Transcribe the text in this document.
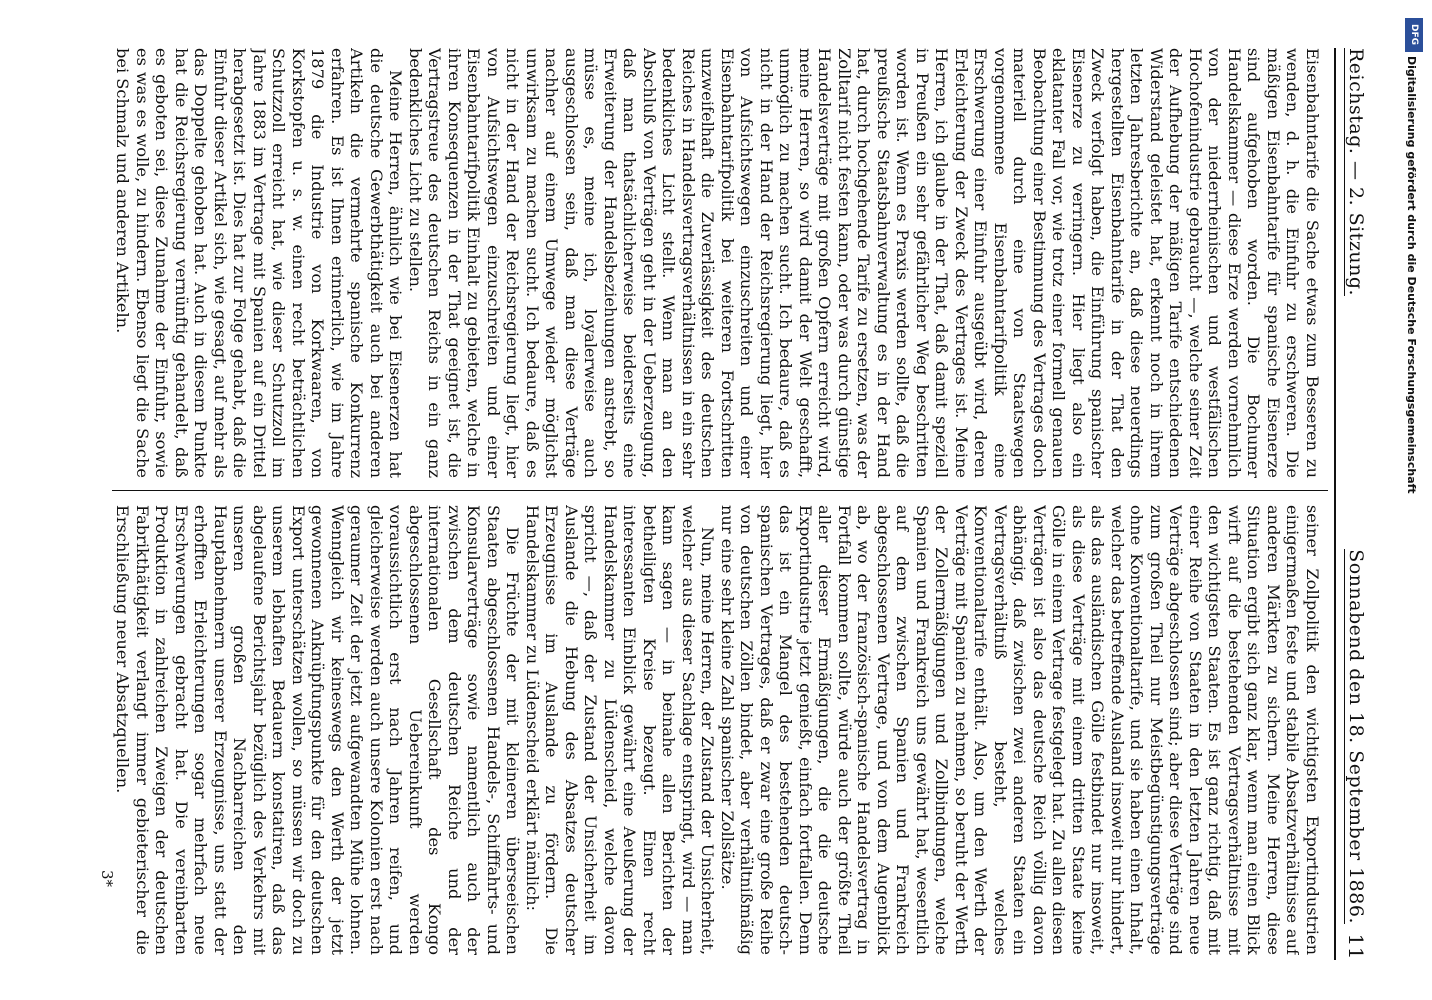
Reichstag. — 2. Sitzung.
Sonnabend den 18. September 1886.
11

Eisenbahntarife die Sache etwas zum Besseren zu wenden, d. h. die Einfuhr zu erschweren. Die mäßigen Eisenbahntarife für spanische Eisenerze sind aufgehoben worden. Die Bochumer Handelskammer — diese Erze werden vornehmlich von der niederrheinischen und westfälischen Hochofenindustrie gebraucht —, welche seiner Zeit der Aufhebung der mäßigen Tarife entschiedenen Widerstand geleistet hat, erkennt noch in ihrem letzten Jahresberichte an, daß diese neuerdings hergestellten Eisenbahntarife in der That den Zweck verfolgt haben, die Einführung spanischer Eisenerze zu verringern. Hier liegt also ein eklatanter Fall vor, wie trotz einer formell genauen Beobachtung einer Bestimmung des Vertrages doch materiell durch eine von Staatswegen vorgenommene Eisenbahntarifpolitik eine Erschwerung einer Einfuhr ausgeübt wird, deren Erleichterung der Zweck des Vertrages ist. Meine Herren, ich glaube in der That, daß damit speziell in Preußen ein sehr gefährlicher Weg beschritten worden ist. Wenn es Praxis werden sollte, daß die preußische Staatsbahnverwaltung es in der Hand hat, durch hochgehende Tarife zu ersetzen, was der Zolltarif nicht festen kann, oder was durch günstige Handelsverträge mit großen Opfern erreicht wird, meine Herren, so wird damit der Welt geschafft, unmöglich zu machen sucht. Ich bedaure, daß es nicht in der Hand der Reichsregierung liegt, hier von Aufsichtswegen einzuschreiten und einer Eisenbahntarifpolitik bei weiteren Fortschritten unzweifelhaft die Zuverlässigkeit des deutschen Reiches in Handelsvertragsverhältnissen in ein sehr bedenkliches Licht stellt. Wenn man an den Abschluß von Verträgen geht in der Ueberzeugung, daß man thatsächlicherweise beiderseits eine Erweiterung der Handelsbeziehungen anstrebt, so müsse es, meine ich, loyalerweise auch ausgeschlossen sein, daß man diese Verträge nachher auf einem Umwege wieder möglichst unwirksam zu machen sucht. Ich bedaure, daß es nicht in der Hand der Reichsregierung liegt, hier von Aufsichtswegen einzuschreiten und einer Eisenbahntarifpolitik Einhalt zu gebieten, welche in ihren Konsequenzen in der That geeignet ist, die Vertragstreue des deutschen Reichs in ein ganz bedenkliches Licht zu stellen.

Meine Herren, ähnlich wie bei Eisenerzen hat die deutsche Gewerbthätigkeit auch bei anderen Artikeln die vermehrte spanische Konkurrenz erfahren. Es ist Ihnen erinnerlich, wie im Jahre 1879 die Industrie von Korkwaaren, von Korkstopfen u. s. w. einen recht beträchtlichen Schutzzoll erreicht hat, wie dieser Schutzzoll im Jahre 1883 im Vertrage mit Spanien auf ein Drittel herabgesetzt ist. Dies hat zur Folge gehabt, daß die Einfuhr dieser Artikel sich, wie gesagt, auf mehr als das Doppelte gehoben hat. Auch in diesem Punkte hat die Reichsregierung vernünftig gehandelt, daß es geboten sei, diese Zunahme der Einfuhr, sowie es was es wolle, zu hindern. Ebenso liegt die Sache bei Schmalz und anderen Artikeln.

seiner Zollpolitik den wichtigsten Exportindustrien einigermaßen feste und stabile Absatzverhältnisse auf anderen Märkten zu sichern. Meine Herren, diese Situation ergibt sich ganz klar, wenn man einen Blick wirft auf die bestehenden Vertragsverhältnisse mit den wichtigsten Staaten. Es ist ganz richtig, daß mit einer Reihe von Staaten in den letzten Jahren neue Verträge abgeschlossen sind; aber diese Verträge sind zum großen Theil nur Meistbegünstigungsverträge ohne Konventionaltarife, und sie haben einen Inhalt, welcher das betreffende Ausland insoweit nur hindert, als das ausländischen Gölle festbindet nur insoweit, als diese Verträge mit einem dritten Staate keine Gölle in einem Vertrage festgelegt hat. Zu allen diesen Verträgen ist also das deutsche Reich völlig davon abhängig, daß zwischen zwei anderen Staaten ein Vertragsverhältniß besteht, welches Konventionaltarife enthält. Also, um den Werth der Verträge mit Spanien zu nehmen, so beruht der Werth der Zollermäßigungen und Zollbindungen, welche Spanien und Frankreich uns gewährt hat, wesentlich auf dem zwischen Spanien und Frankreich abgeschlossenen Vertrage, und von dem Augenblick ab, wo der französisch-spanische Handelsvertrag in Fortfall kommen sollte, würde auch der größte Theil aller dieser Ermäßigungen, die die deutsche Exportindustrie jetzt genießt, einfach fortfallen. Denn das ist ein Mangel des bestehenden deutsch-spanischen Vertrages, daß er zwar eine große Reihe von deutschen Zöllen bindet, aber verhältnißmäßig nur eine sehr kleine Zahl spanischer Zollsätze.

Nun, meine Herren, der Zustand der Unsicherheit, welcher aus dieser Sachlage entspringt, wird — man kann sagen — in beinahe allen Berichten der betheiligten Kreise bezeugt. Einen recht interessanten Einblick gewährt eine Aeußerung der Handelskammer zu Lüdenscheid, welche davon spricht —, daß der Zustand der Unsicherheit im Auslande die Hebung des Absatzes deutscher Erzeugnisse im Auslande zu fördern. Die Handelskammer zu Lüdenscheid erklärt nämlich:

Die Früchte der mit kleineren überseeischen Staaten abgeschlossenen Handels-, Schifffahrts- und Konsularverträge sowie namentlich auch der zwischen dem deutschen Reiche und der internationalen Gesellschaft des Kongo abgeschlossenen Uebereinkunft werden voraussichtlich erst nach Jahren reifen, und gleicherweise werden auch unsere Kolonien erst nach geraumer Zeit der jetzt aufgewandten Mühe lohnen. Wenngleich wir keineswegs den Werth der jetzt gewonnenen Anknüpfungspunkte für den deutschen Export unterschätzen wollen, so müssen wir doch zu unserem lebhaften Bedauern konstatiren, daß das abgelaufene Berichtsjahr bezüglich des Verkehrs mit unseren großen Nachbarreichen den Hauptabnehmern unserer Erzeugnisse, uns statt der erhofften Erleichterungen sogar mehrfach neue Erschwerungen gebracht hat. Die vereinbarten Produktion in zahlreichen Zweigen der deutschen Fabrikthätigkeit verlangt immer gebieterischer die Erschließung neuer Absatzquellen.

3*
DFG
Digitalisierung gefördert durch die Deutsche Forschungsgemeinschaft
